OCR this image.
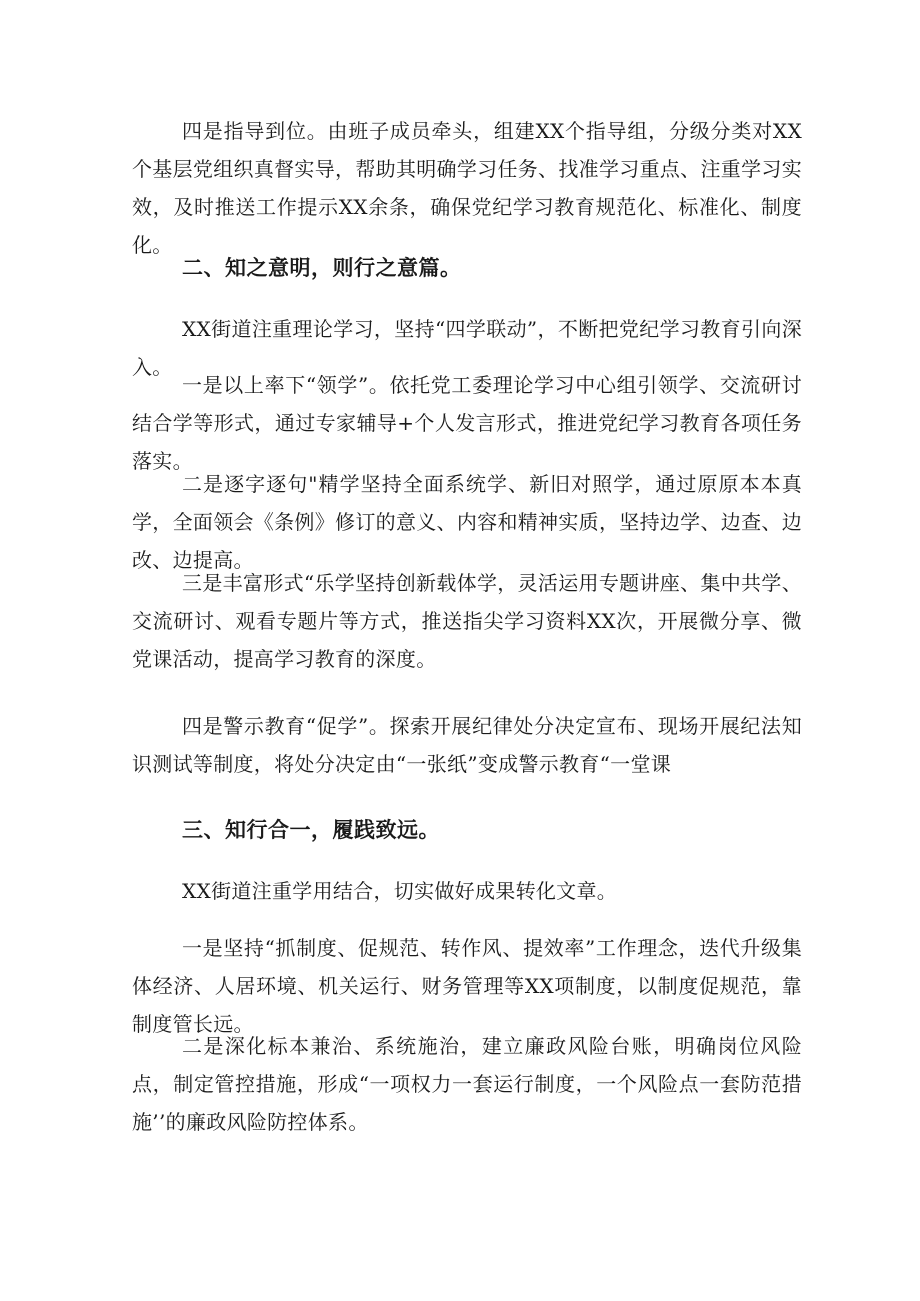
四是指导到位。由班子成员牵头，组建XX个指导组，分级分类对XX个基层党组织真督实导，帮助其明确学习任务、找准学习重点、注重学习实效，及时推送工作提示XX余条，确保党纪学习教育规范化、标准化、制度化。

二、知之意明，则行之意篇。

XX街道注重理论学习，坚持“四学联动”，不断把党纪学习教育引向深入。

一是以上率下“领学”。依托党工委理论学习中心组引领学、交流研讨结合学等形式，通过专家辅导+个人发言形式，推进党纪学习教育各项任务落实。

二是逐字逐句"精学坚持全面系统学、新旧对照学，通过原原本本真学，全面领会《条例》修订的意义、内容和精神实质，坚持边学、边查、边改、边提高。

三是丰富形式“乐学坚持创新载体学，灵活运用专题讲座、集中共学、交流研讨、观看专题片等方式，推送指尖学习资料XX次，开展微分享、微党课活动，提高学习教育的深度。

四是警示教育“促学”。探索开展纪律处分决定宣布、现场开展纪法知识测试等制度，将处分决定由“一张纸”变成警示教育“一堂课

三、知行合一，履践致远。

XX街道注重学用结合，切实做好成果转化文章。

一是坚持“抓制度、促规范、转作风、提效率”工作理念，迭代升级集体经济、人居环境、机关运行、财务管理等XX项制度，以制度促规范，靠制度管长远。

二是深化标本兼治、系统施治，建立廉政风险台账，明确岗位风险点，制定管控措施，形成“一项权力一套运行制度，一个风险点一套防范措施’’的廉政风险防控体系。
